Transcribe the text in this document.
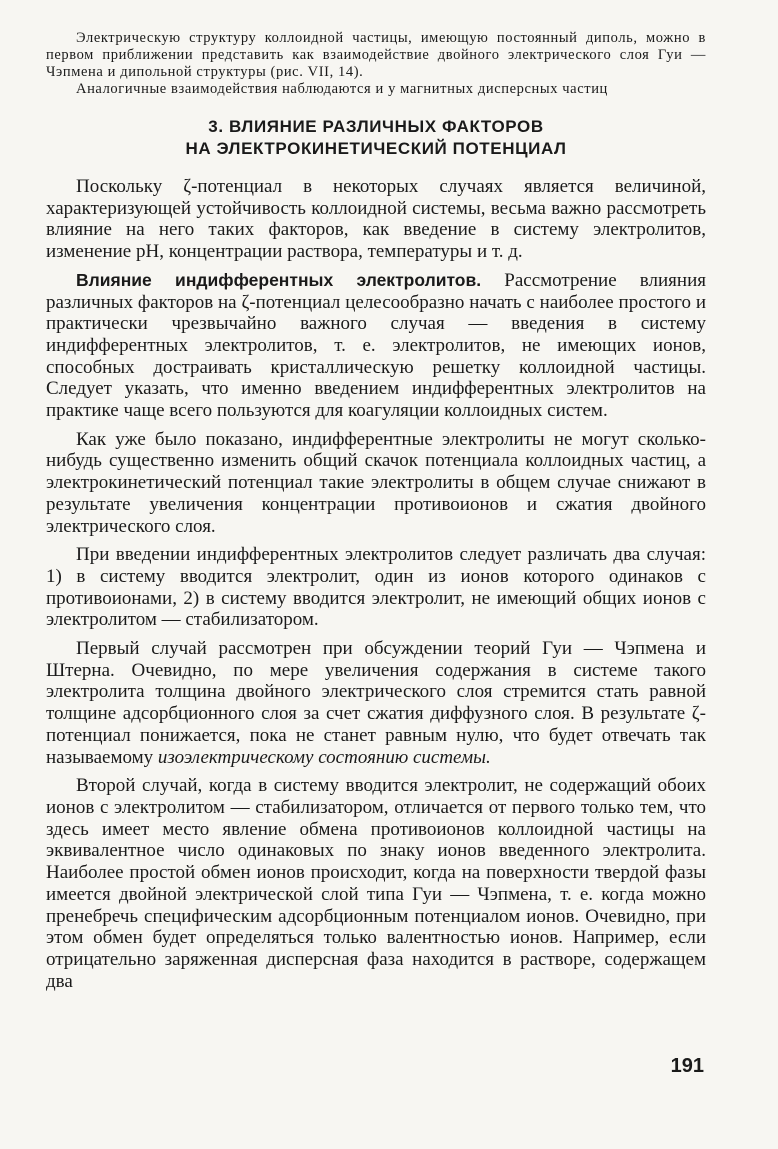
Электрическую структуру коллоидной частицы, имеющую постоянный диполь, можно в первом приближении представить как взаимодействие двойного электрического слоя Гуи — Чэпмена и дипольной структуры (рис. VII, 14).

Аналогичные взаимодействия наблюдаются и у магнитных дисперсных частиц

3. ВЛИЯНИЕ РАЗЛИЧНЫХ ФАКТОРОВ
НА ЭЛЕКТРОКИНЕТИЧЕСКИЙ ПОТЕНЦИАЛ

Поскольку ζ-потенциал в некоторых случаях является величиной, характеризующей устойчивость коллоидной системы, весьма важно рассмотреть влияние на него таких факторов, как введение в систему электролитов, изменение pH, концентрации раствора, температуры и т. д.

Влияние индифферентных электролитов. Рассмотрение влияния различных факторов на ζ-потенциал целесообразно начать с наиболее простого и практически чрезвычайно важного случая — введения в систему индифферентных электролитов, т. е. электролитов, не имеющих ионов, способных достраивать кристаллическую решетку коллоидной частицы. Следует указать, что именно введением индифферентных электролитов на практике чаще всего пользуются для коагуляции коллоидных систем.

Как уже было показано, индифферентные электролиты не могут сколько-нибудь существенно изменить общий скачок потенциала коллоидных частиц, а электрокинетический потенциал такие электролиты в общем случае снижают в результате увеличения концентрации противоионов и сжатия двойного электрического слоя.

При введении индифферентных электролитов следует различать два случая: 1) в систему вводится электролит, один из ионов которого одинаков с противоионами, 2) в систему вводится электролит, не имеющий общих ионов с электролитом — стабилизатором.

Первый случай рассмотрен при обсуждении теорий Гуи — Чэпмена и Штерна. Очевидно, по мере увеличения содержания в системе такого электролита толщина двойного электрического слоя стремится стать равной толщине адсорбционного слоя за счет сжатия диффузного слоя. В результате ζ-потенциал понижается, пока не станет равным нулю, что будет отвечать так называемому изоэлектрическому состоянию системы.

Второй случай, когда в систему вводится электролит, не содержащий обоих ионов с электролитом — стабилизатором, отличается от первого только тем, что здесь имеет место явление обмена противоионов коллоидной частицы на эквивалентное число одинаковых по знаку ионов введенного электролита. Наиболее простой обмен ионов происходит, когда на поверхности твердой фазы имеется двойной электрической слой типа Гуи — Чэпмена, т. е. когда можно пренебречь специфическим адсорбционным потенциалом ионов. Очевидно, при этом обмен будет определяться только валентностью ионов. Например, если отрицательно заряженная дисперсная фаза находится в растворе, содержащем два

191
